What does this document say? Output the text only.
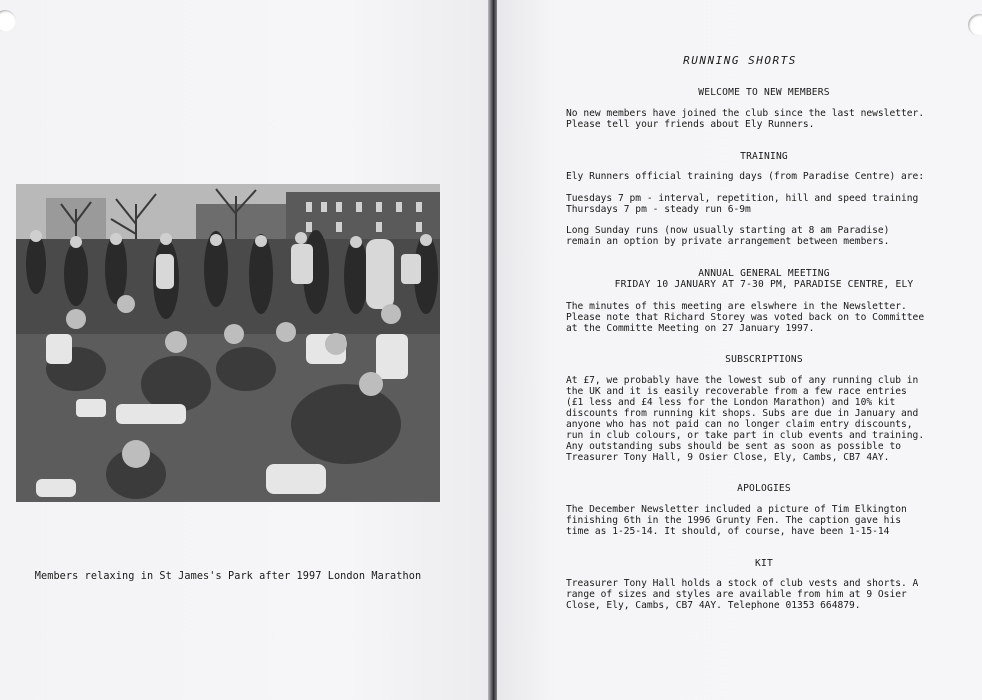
Members relaxing in St James's Park after 1997 London Marathon
RUNNING SHORTS
WELCOME TO NEW MEMBERS
No new members have joined the club since the last newsletter.
Please tell your friends about Ely Runners.
TRAINING
Ely Runners official training days (from Paradise Centre) are:
Tuesdays 7 pm - interval, repetition, hill and speed training
Thursdays 7 pm - steady run 6-9m
Long Sunday runs (now usually starting at 8 am Paradise)
remain an option by private arrangement between members.
ANNUAL GENERAL MEETING
FRIDAY 10 JANUARY AT 7-30 PM, PARADISE CENTRE, ELY
The minutes of this meeting are elswhere in the Newsletter.
Please note that Richard Storey was voted back on to Committee
at the Committe Meeting on 27 January 1997.
SUBSCRIPTIONS
At £7, we probably have the lowest sub of any running club in
the UK and it is easily recoverable from a few race entries
(£1 less and £4 less for the London Marathon) and 10% kit
discounts from running kit shops. Subs are due in January and
anyone who has not paid can no longer claim entry discounts,
run in club colours, or take part in club events and training.
Any outstanding subs should be sent as soon as possible to
Treasurer Tony Hall, 9 Osier Close, Ely, Cambs, CB7 4AY.
APOLOGIES
The December Newsletter included a picture of Tim Elkington
finishing 6th in the 1996 Grunty Fen. The caption gave his
time as 1-25-14. It should, of course, have been 1-15-14
KIT
Treasurer Tony Hall holds a stock of club vests and shorts. A
range of sizes and styles are available from him at 9 Osier
Close, Ely, Cambs, CB7 4AY. Telephone 01353 664879.
